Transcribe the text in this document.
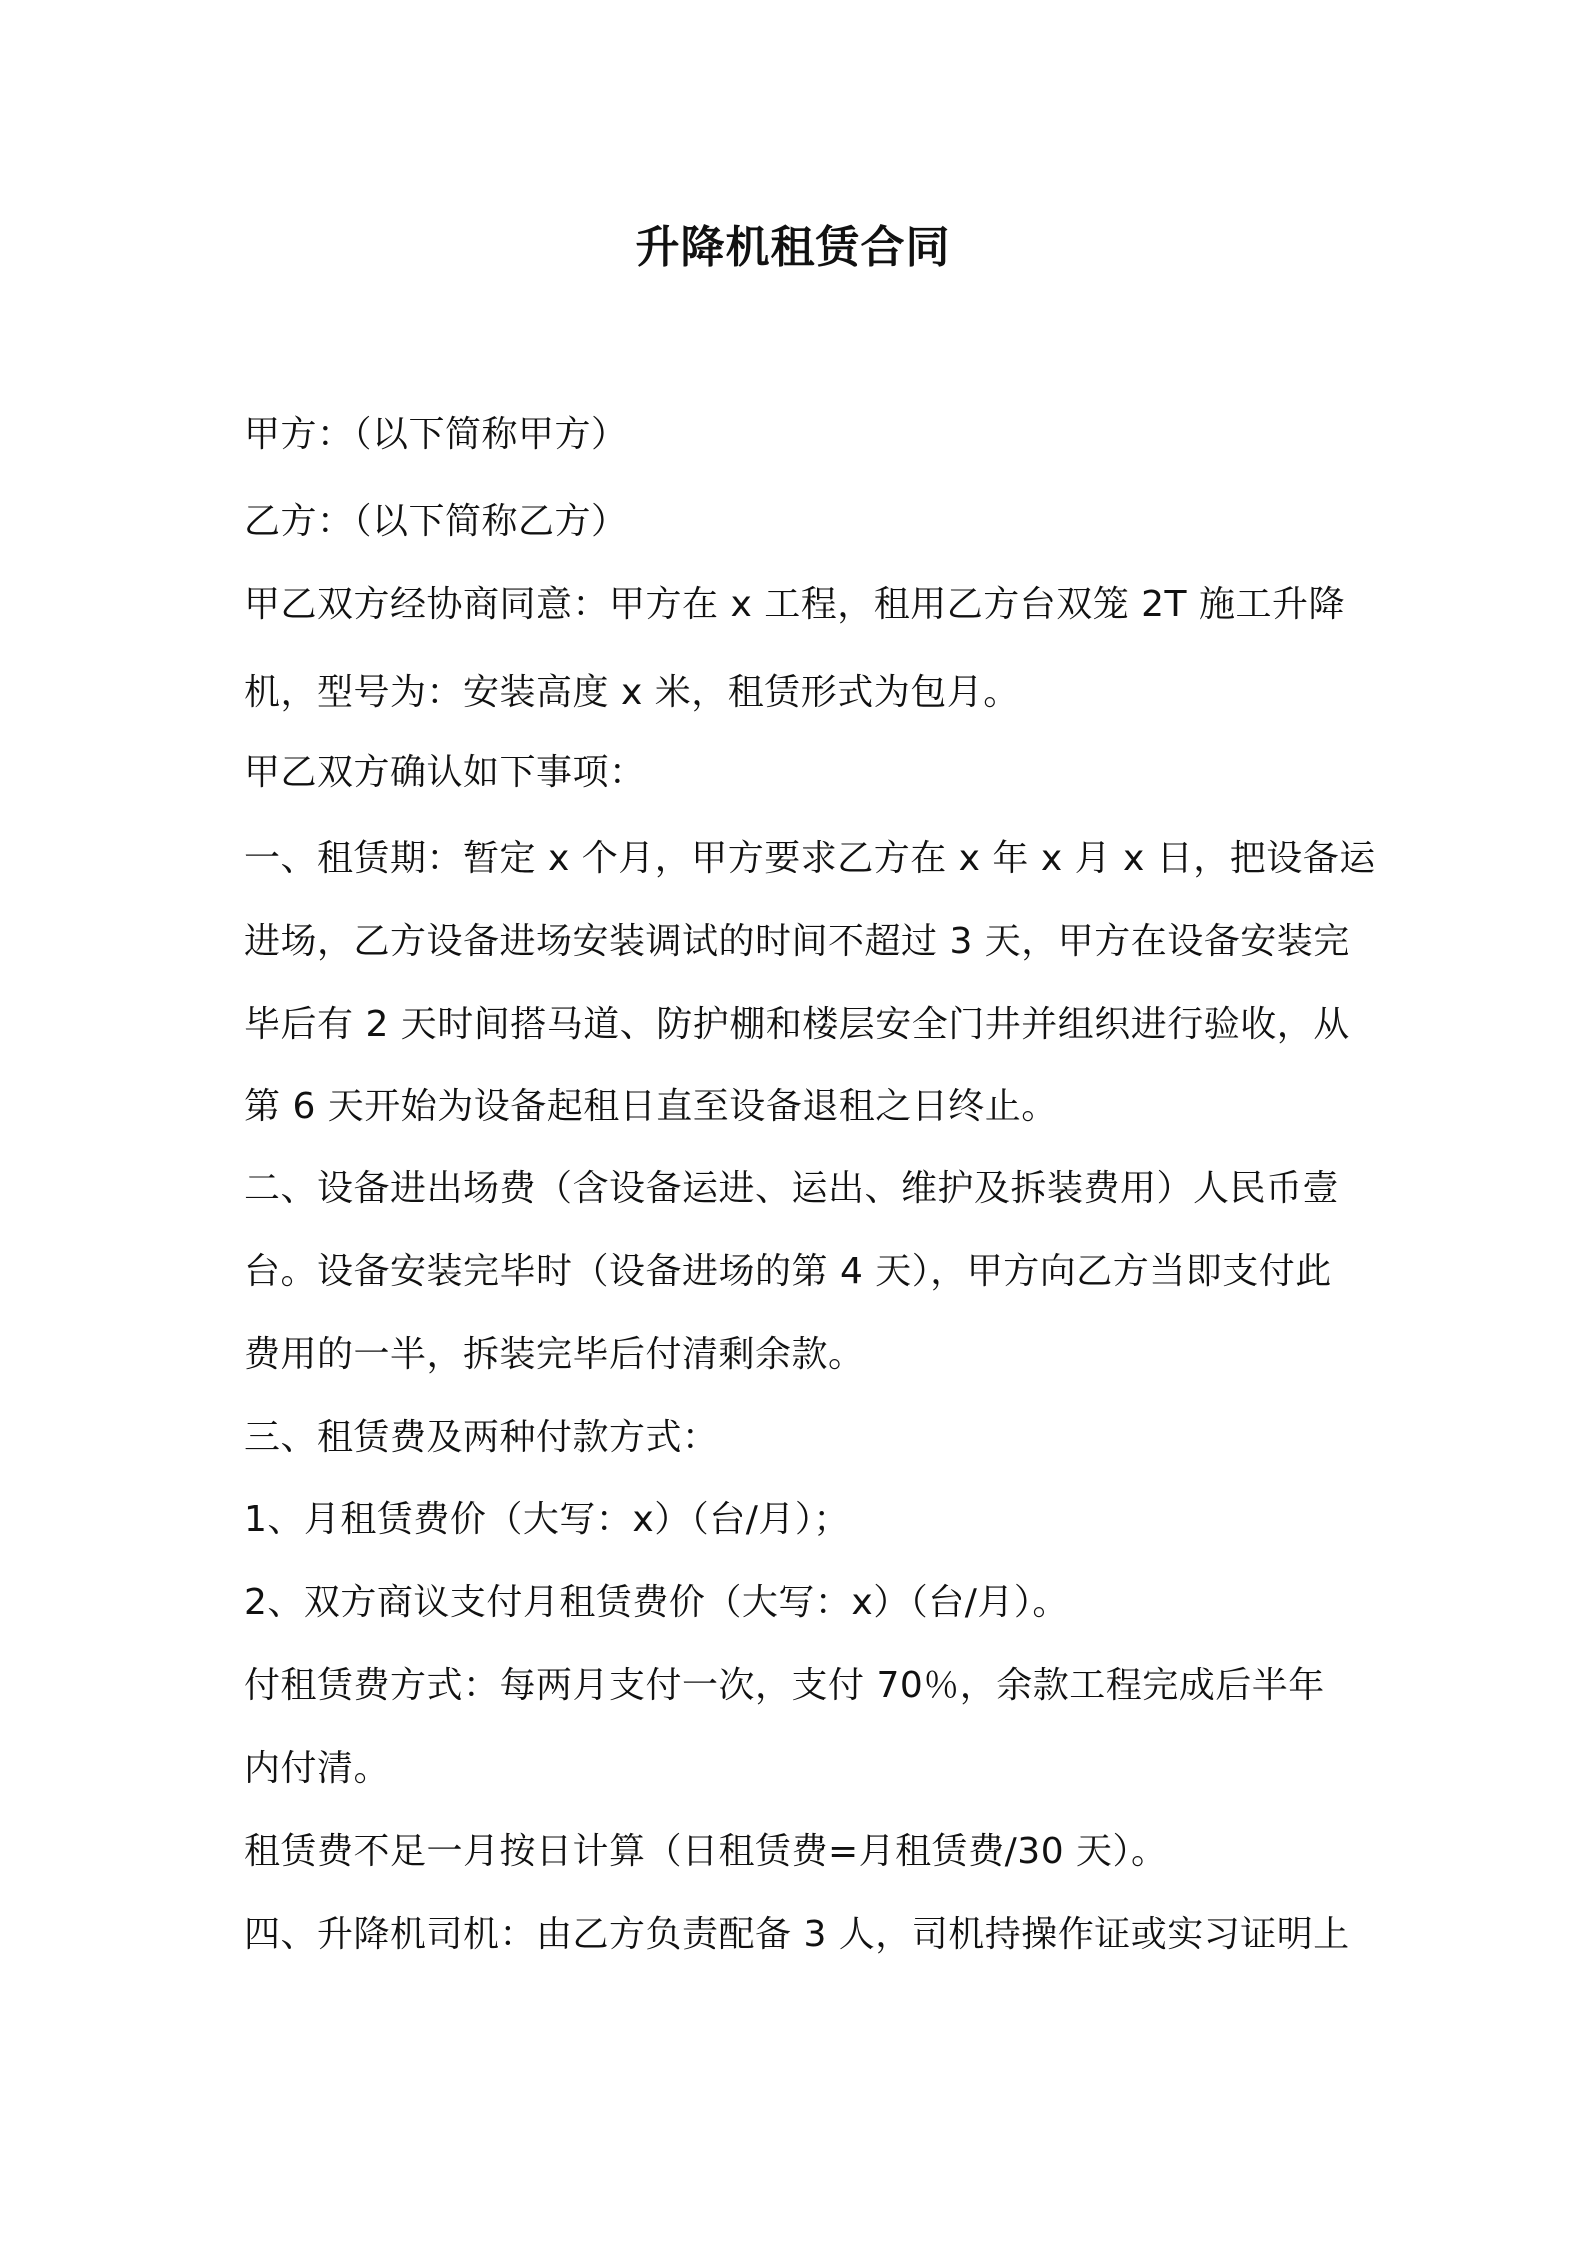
升降机租赁合同
甲方：（以下简称甲方）
乙方：（以下简称乙方）
甲乙双方经协商同意：甲方在 x 工程，租用乙方台双笼 2T 施工升降
机，型号为：安装高度 x 米，租赁形式为包月。
甲乙双方确认如下事项：
一、租赁期：暂定 x 个月，甲方要求乙方在 x 年 x 月 x 日，把设备运
进场，乙方设备进场安装调试的时间不超过 3 天，甲方在设备安装完
毕后有 2 天时间搭马道、防护棚和楼层安全门井并组织进行验收，从
第 6 天开始为设备起租日直至设备退租之日终止。
二、设备进出场费（含设备运进、运出、维护及拆装费用）人民币壹
台。设备安装完毕时（设备进场的第 4 天），甲方向乙方当即支付此
费用的一半，拆装完毕后付清剩余款。
三、租赁费及两种付款方式：
1、月租赁费价（大写：x）（台/月）；
2、双方商议支付月租赁费价（大写：x）（台/月）。
付租赁费方式：每两月支付一次，支付 70％，余款工程完成后半年
内付清。
租赁费不足一月按日计算（日租赁费=月租赁费/30 天）。
四、升降机司机：由乙方负责配备 3 人，司机持操作证或实习证明上
